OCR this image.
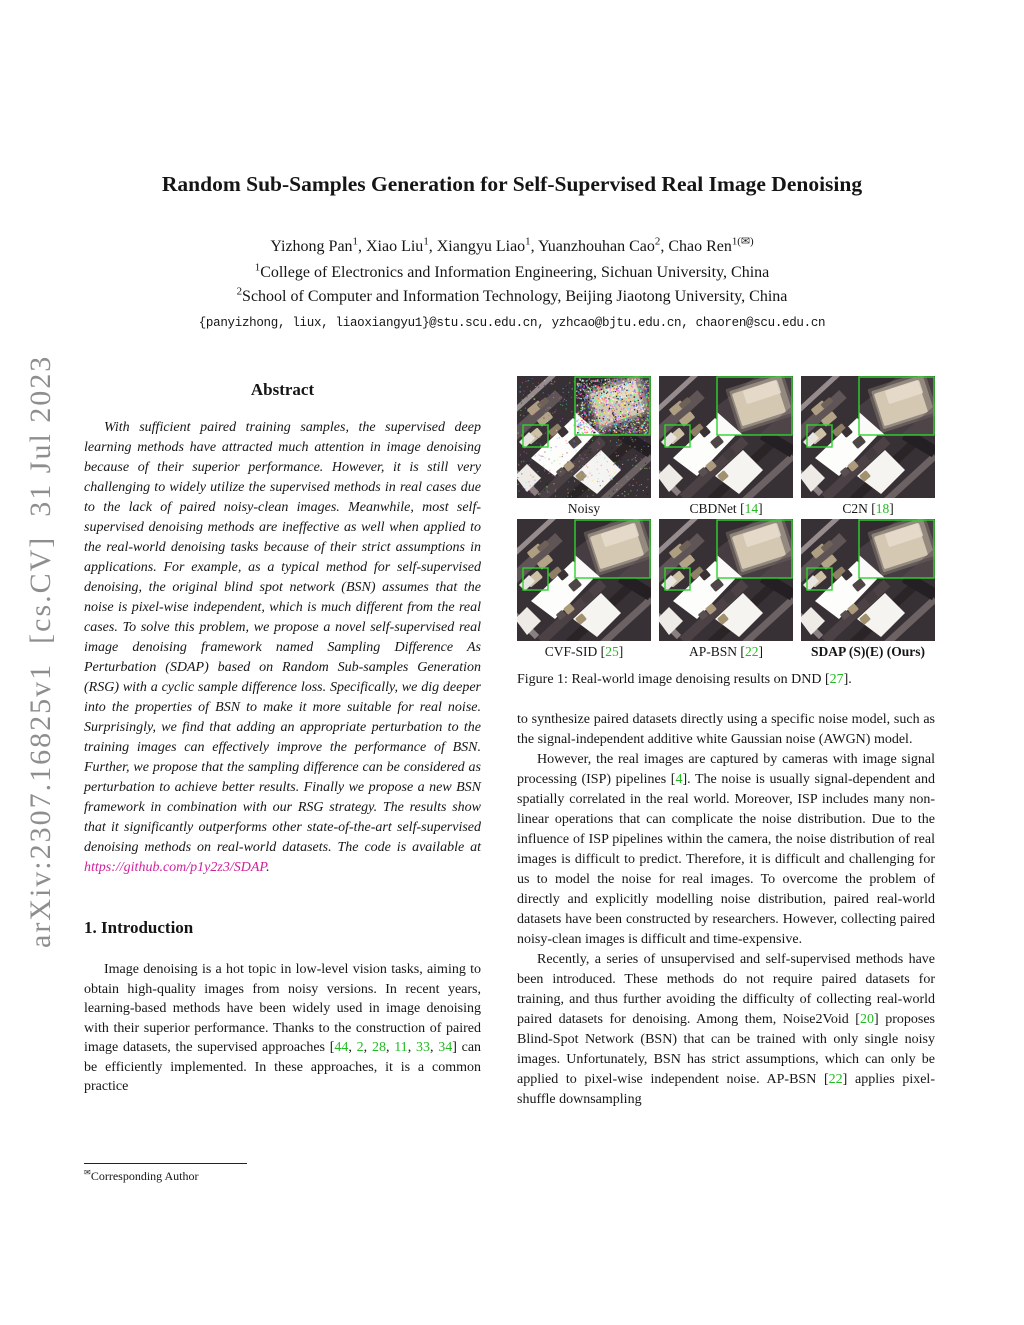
arXiv:2307.16825v1  [cs.CV]  31 Jul 2023
Random Sub-Samples Generation for Self-Supervised Real Image Denoising
Yizhong Pan$^1$, Xiao Liu$^1$, Xiangyu Liao$^1$, Yuanzhouhan Cao$^2$, Chao Ren$^{1(✉)}$
$^1$College of Electronics and Information Engineering, Sichuan University, China
$^2$School of Computer and Information Technology, Beijing Jiaotong University, China
{panyizhong, liux, liaoxiangyu1}@stu.scu.edu.cn, yzhcao@bjtu.edu.cn, chaoren@scu.edu.cn
Abstract

With sufficient paired training samples, the supervised deep learning methods have attracted much attention in image denoising because of their superior performance. However, it is still very challenging to widely utilize the supervised methods in real cases due to the lack of paired noisy-clean images. Meanwhile, most self-supervised denoising methods are ineffective as well when applied to the real-world denoising tasks because of their strict assumptions in applications. For example, as a typical method for self-supervised denoising, the original blind spot network (BSN) assumes that the noise is pixel-wise independent, which is much different from the real cases. To solve this problem, we propose a novel self-supervised real image denoising framework named Sampling Difference As Perturbation (SDAP) based on Random Sub-samples Generation (RSG) with a cyclic sample difference loss. Specifically, we dig deeper into the properties of BSN to make it more suitable for real noise. Surprisingly, we find that adding an appropriate perturbation to the training images can effectively improve the performance of BSN. Further, we propose that the sampling difference can be considered as perturbation to achieve better results. Finally we propose a new BSN framework in combination with our RSG strategy. The results show that it significantly outperforms other state-of-the-art self-supervised denoising methods on real-world datasets. The code is available at https://github.com/p1y2z3/SDAP.

1. Introduction

Image denoising is a hot topic in low-level vision tasks, aiming to obtain high-quality images from noisy versions. In recent years, learning-based methods have been widely used in image denoising with their superior performance. Thanks to the construction of paired image datasets, the supervised approaches [44, 2, 28, 11, 33, 34] can be efficiently implemented. In these approaches, it is a common practice

✉Corresponding Author
Noisy	CBDNet [14]	C2N [18]
CVF-SID [25]	AP-BSN [22]	SDAP (S)(E) (Ours)

Figure 1: Real-world image denoising results on DND [27].

to synthesize paired datasets directly using a specific noise model, such as the signal-independent additive white Gaussian noise (AWGN) model.

However, the real images are captured by cameras with image signal processing (ISP) pipelines [4]. The noise is usually signal-dependent and spatially correlated in the real world. Moreover, ISP includes many non-linear operations that can complicate the noise distribution. Due to the influence of ISP pipelines within the camera, the noise distribution of real images is difficult to predict. Therefore, it is difficult and challenging for us to model the noise for real images. To overcome the problem of directly and explicitly modelling noise distribution, paired real-world datasets have been constructed by researchers. However, collecting paired noisy-clean images is difficult and time-expensive.

Recently, a series of unsupervised and self-supervised methods have been introduced. These methods do not require paired datasets for training, and thus further avoiding the difficulty of collecting real-world paired datasets for denoising. Among them, Noise2Void [20] proposes Blind-Spot Network (BSN) that can be trained with only single noisy images. Unfortunately, BSN has strict assumptions, which can only be applied to pixel-wise independent noise. AP-BSN [22] applies pixel-shuffle downsampling
